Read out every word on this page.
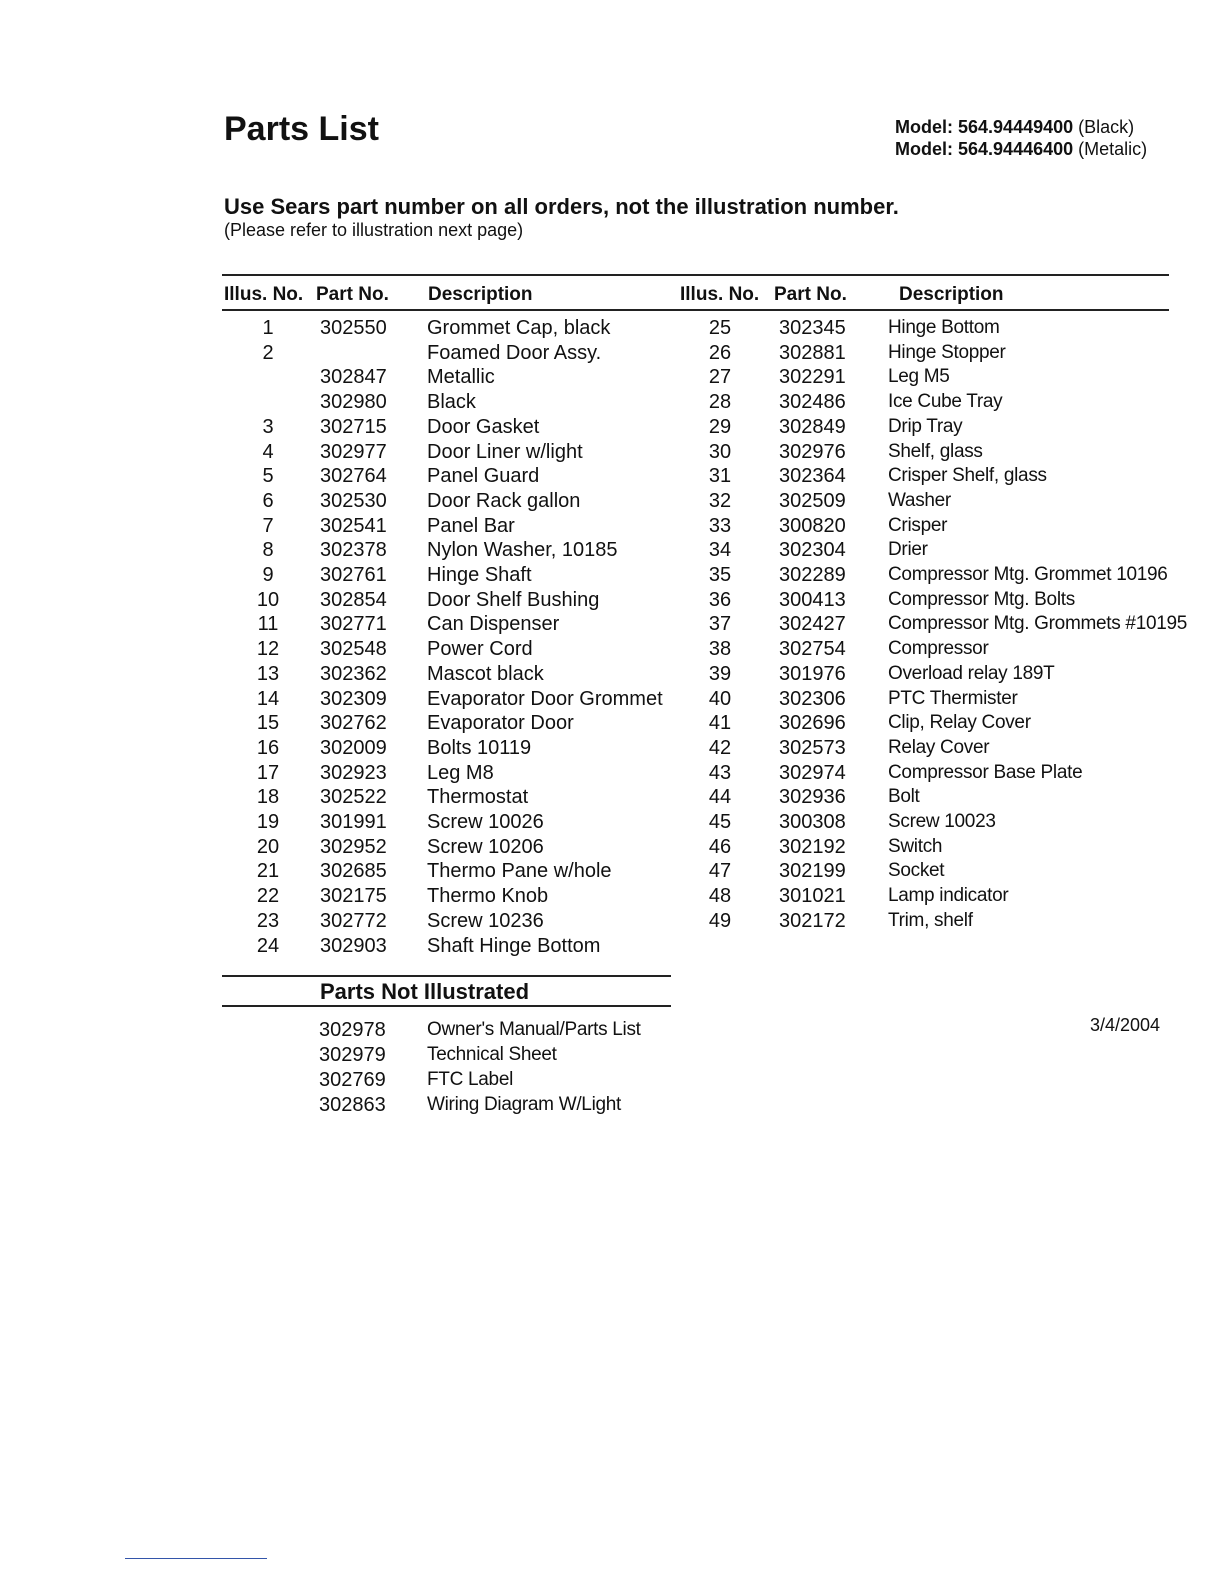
Parts List	Model: 564.94449400 (Black)
Model: 564.94446400 (Metalic)
Use Sears part number on all orders, not the illustration number.
(Please refer to illustration next page)
Illus. No. Part No. Description	Illus. No. Part No.	Description
1	302550 Grommet Cap, black
2	Foamed Door Assy.
302847 Metallic
302980 Black
3	302715 Door Gasket
4	302977 Door Liner w/light
5	302764 Panel Guard
6	302530 Door Rack gallon
7	302541 Panel Bar
8	302378 Nylon Washer, 10185
9	302761 Hinge Shaft
10	302854 Door Shelf Bushing
11	302771 Can Dispenser
12	302548 Power Cord
13	302362 Mascot black
14	302309 Evaporator Door Grommet
15	302762 Evaporator Door
16	302009 Bolts 10119
17	302923 Leg M8
18	302522 Thermostat
19	301991 Screw 10026
20	302952 Screw 10206
21	302685 Thermo Pane w/hole
22	302175 Thermo Knob
23	302772 Screw 10236
24	302903 Shaft Hinge Bottom
25	302345 Hinge Bottom
26	302881 Hinge Stopper
27	302291 Leg M5
28	302486 Ice Cube Tray
29	302849 Drip Tray
30	302976 Shelf, glass
31	302364 Crisper Shelf, glass
32	302509 Washer
33	300820 Crisper
34	302304 Drier
35	302289 Compressor Mtg. Grommet 10196
36	300413 Compressor Mtg. Bolts
37	302427 Compressor Mtg. Grommets #10195
38	302754 Compressor
39	301976 Overload relay 189T
40	302306 PTC Thermister
41	302696 Clip, Relay Cover
42	302573 Relay Cover
43	302974 Compressor Base Plate
44	302936 Bolt
45	300308 Screw 10023
46	302192 Switch
47	302199 Socket
48	301021 Lamp indicator
49	302172 Trim, shelf
Parts Not Illustrated
302978 Owner's Manual/Parts List
302979 Technical Sheet
302769 FTC Label
302863 Wiring Diagram W/Light
3/4/2004
